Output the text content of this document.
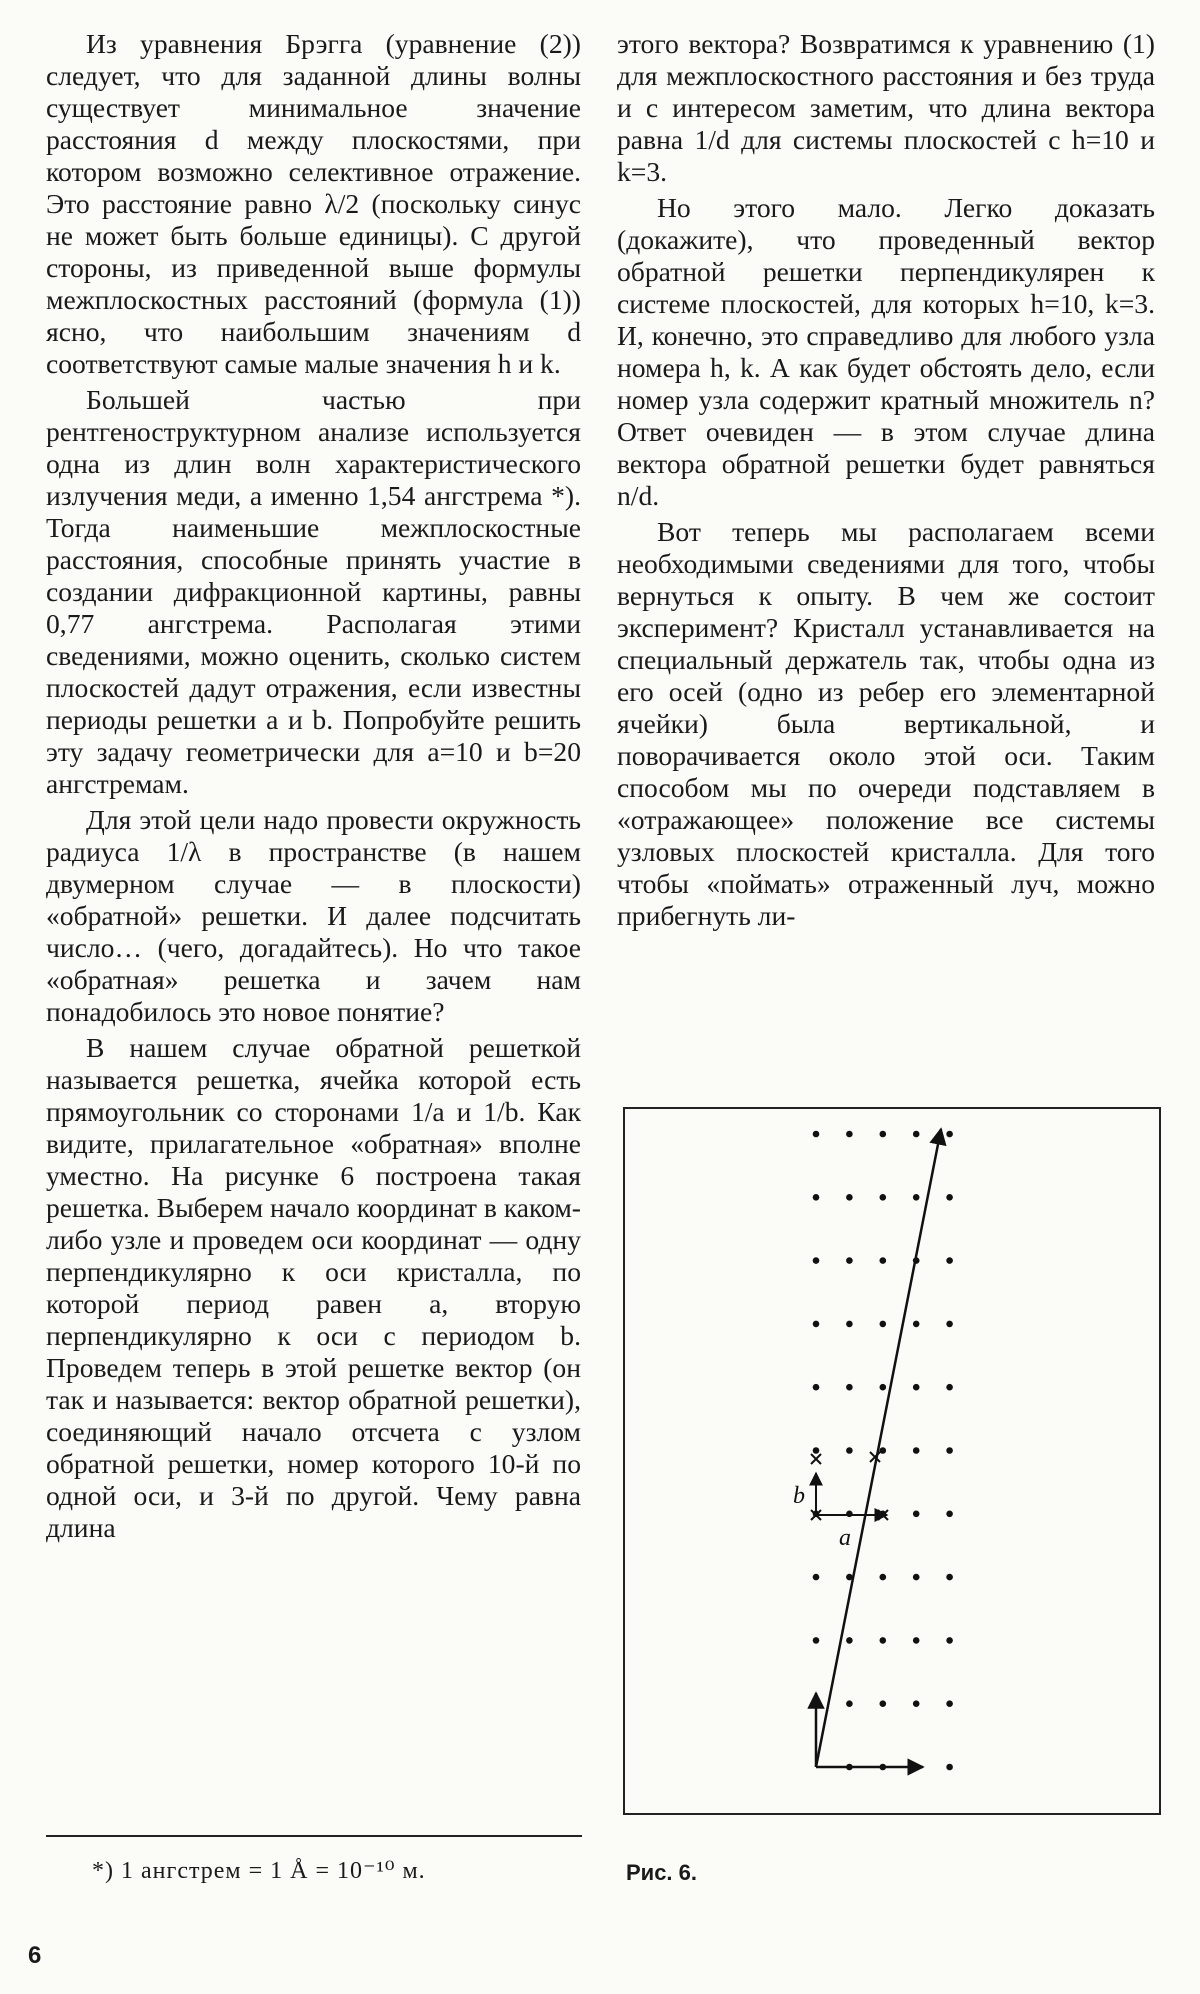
Из уравнения Брэгга (уравнение (2)) следует, что для заданной длины волны существует минимальное значение расстояния d между плоскостями, при котором возможно селективное отражение. Это расстояние равно λ/2 (поскольку синус не может быть больше единицы). С другой стороны, из приведенной выше формулы межплоскостных расстояний (формула (1)) ясно, что наибольшим значениям d соответствуют самые малые значения h и k.

Большей частью при рентгеноструктурном анализе используется одна из длин волн характеристического излучения меди, а именно 1,54 ангстрема *). Тогда наименьшие межплоскостные расстояния, способные принять участие в создании дифракционной картины, равны 0,77 ангстрема. Располагая этими сведениями, можно оценить, сколько систем плоскостей дадут отражения, если известны периоды решетки a и b. Попробуйте решить эту задачу геометрически для a=10 и b=20 ангстремам.

Для этой цели надо провести окружность радиуса 1/λ в пространстве (в нашем двумерном случае — в плоскости) «обратной» решетки. И далее подсчитать число… (чего, догадайтесь). Но что такое «обратная» решетка и зачем нам понадобилось это новое понятие?

В нашем случае обратной решеткой называется решетка, ячейка которой есть прямоугольник со сторонами 1/a и 1/b. Как видите, прилагательное «обратная» вполне уместно. На рисунке 6 построена такая решетка. Выберем начало координат в каком-либо узле и проведем оси координат — одну перпендикулярно к оси кристалла, по которой период равен a, вторую перпендикулярно к оси с периодом b. Проведем теперь в этой решетке вектор (он так и называется: вектор обратной решетки), соединяющий начало отсчета с узлом обратной решетки, номер которого 10-й по одной оси, и 3-й по другой. Чему равна длина

этого вектора? Возвратимся к уравнению (1) для межплоскостного расстояния и без труда и с интересом заметим, что длина вектора равна 1/d для системы плоскостей с h=10 и k=3.

Но этого мало. Легко доказать (докажите), что проведенный вектор обратной решетки перпендикулярен к системе плоскостей, для которых h=10, k=3. И, конечно, это справедливо для любого узла номера h, k. А как будет обстоять дело, если номер узла содержит кратный множитель n? Ответ очевиден — в этом случае длина вектора обратной решетки будет равняться n/d.

Вот теперь мы располагаем всеми необходимыми сведениями для того, чтобы вернуться к опыту. В чем же состоит эксперимент? Кристалл устанавливается на специальный держатель так, чтобы одна из его осей (одно из ребер его элементарной ячейки) была вертикальной, и поворачивается около этой оси. Таким способом мы по очереди подставляем в «отражающее» положение все системы узловых плоскостей кристалла. Для того чтобы «поймать» отраженный луч, можно прибегнуть ли-

a
b
*) 1 ангстрем = 1 Å = 10⁻¹⁰ м.	Рис. 6.
6
